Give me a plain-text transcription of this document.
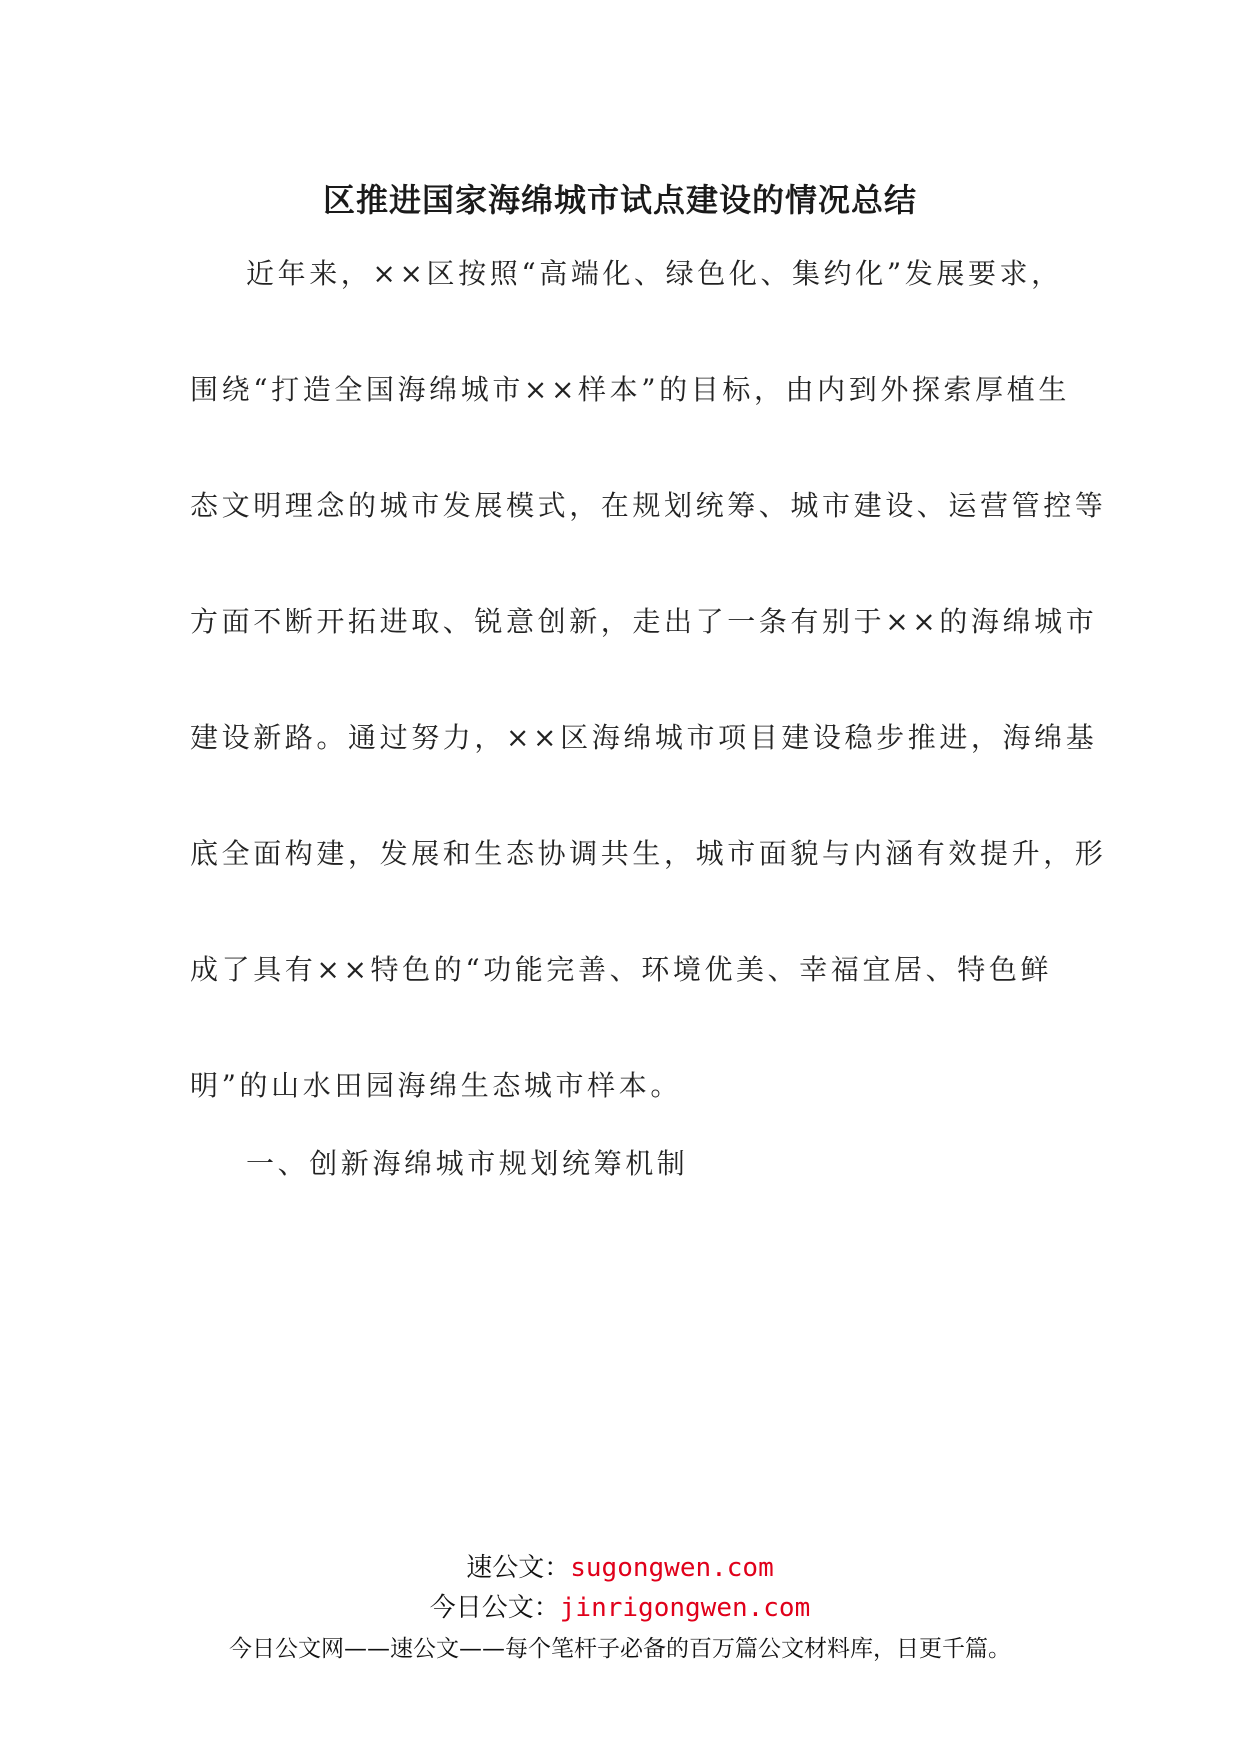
区推进国家海绵城市试点建设的情况总结
近年来，××区按照“高端化、绿色化、集约化”发展要求，
围绕“打造全国海绵城市××样本”的目标，由内到外探索厚植生
态文明理念的城市发展模式，在规划统筹、城市建设、运营管控等
方面不断开拓进取、锐意创新，走出了一条有别于××的海绵城市
建设新路。通过努力，××区海绵城市项目建设稳步推进，海绵基
底全面构建，发展和生态协调共生，城市面貌与内涵有效提升，形
成了具有××特色的“功能完善、环境优美、幸福宜居、特色鲜
明”的山水田园海绵生态城市样本。
一、创新海绵城市规划统筹机制
速公文：sugongwen.com
今日公文：jinrigongwen.com
今日公文网——速公文——每个笔杆子必备的百万篇公文材料库，日更千篇。
